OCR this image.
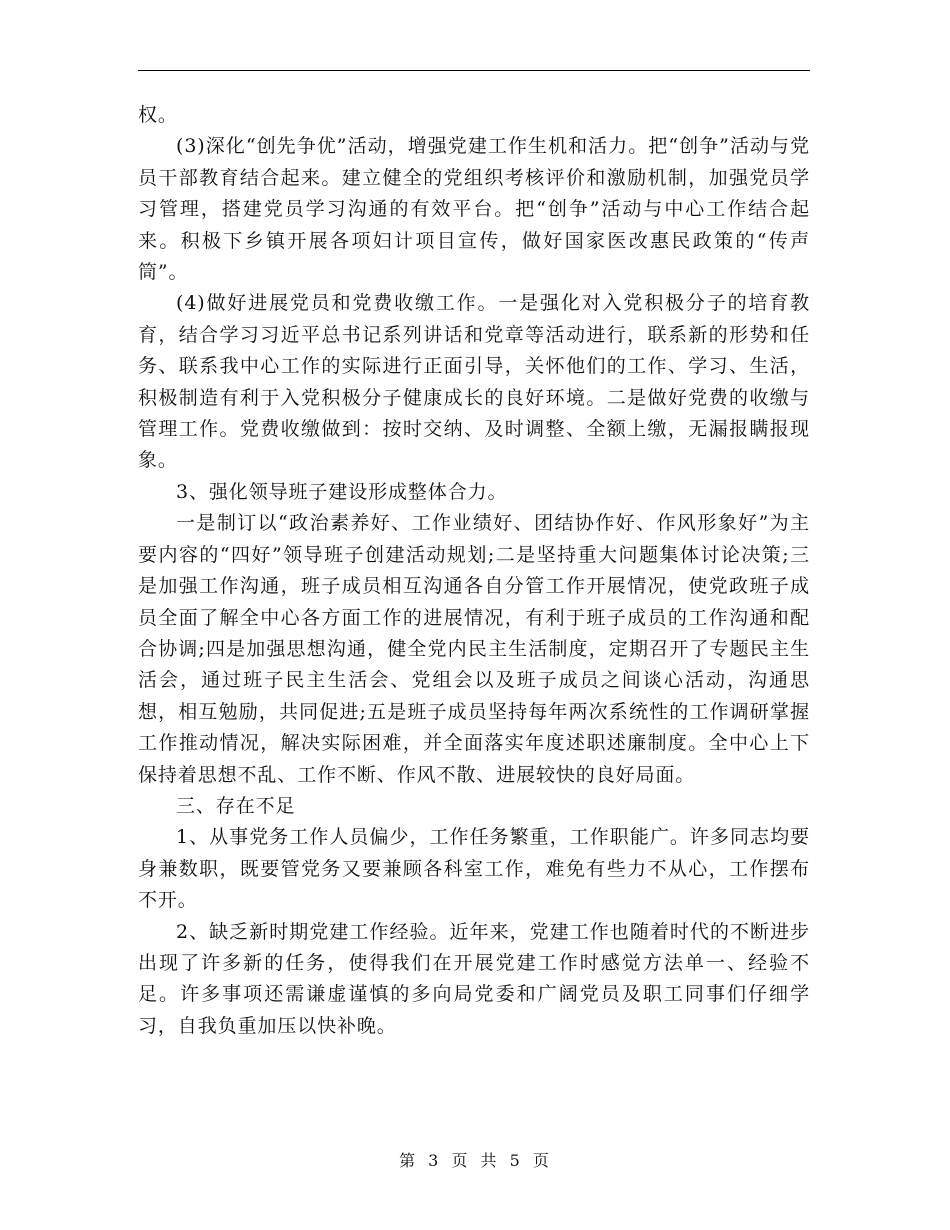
权。

(3)深化“创先争优”活动，增强党建工作生机和活力。把“创争”活动与党员干部教育结合起来。建立健全的党组织考核评价和激励机制，加强党员学习管理，搭建党员学习沟通的有效平台。把“创争”活动与中心工作结合起来。积极下乡镇开展各项妇计项目宣传，做好国家医改惠民政策的“传声筒”。

(4)做好进展党员和党费收缴工作。一是强化对入党积极分子的培育教育，结合学习习近平总书记系列讲话和党章等活动进行，联系新的形势和任务、联系我中心工作的实际进行正面引导，关怀他们的工作、学习、生活，积极制造有利于入党积极分子健康成长的良好环境。二是做好党费的收缴与管理工作。党费收缴做到：按时交纳、及时调整、全额上缴，无漏报瞒报现象。

3、强化领导班子建设形成整体合力。

一是制订以“政治素养好、工作业绩好、团结协作好、作风形象好”为主要内容的“四好”领导班子创建活动规划;二是坚持重大问题集体讨论决策;三是加强工作沟通，班子成员相互沟通各自分管工作开展情况，使党政班子成员全面了解全中心各方面工作的进展情况，有利于班子成员的工作沟通和配合协调;四是加强思想沟通，健全党内民主生活制度，定期召开了专题民主生活会，通过班子民主生活会、党组会以及班子成员之间谈心活动，沟通思想，相互勉励，共同促进;五是班子成员坚持每年两次系统性的工作调研掌握工作推动情况，解决实际困难，并全面落实年度述职述廉制度。全中心上下保持着思想不乱、工作不断、作风不散、进展较快的良好局面。

三、存在不足

1、从事党务工作人员偏少，工作任务繁重，工作职能广。许多同志均要身兼数职，既要管党务又要兼顾各科室工作，难免有些力不从心，工作摆布不开。

2、缺乏新时期党建工作经验。近年来，党建工作也随着时代的不断进步出现了许多新的任务，使得我们在开展党建工作时感觉方法单一、经验不足。许多事项还需谦虚谨慎的多向局党委和广阔党员及职工同事们仔细学习，自我负重加压以快补晚。

第 3 页 共 5 页
